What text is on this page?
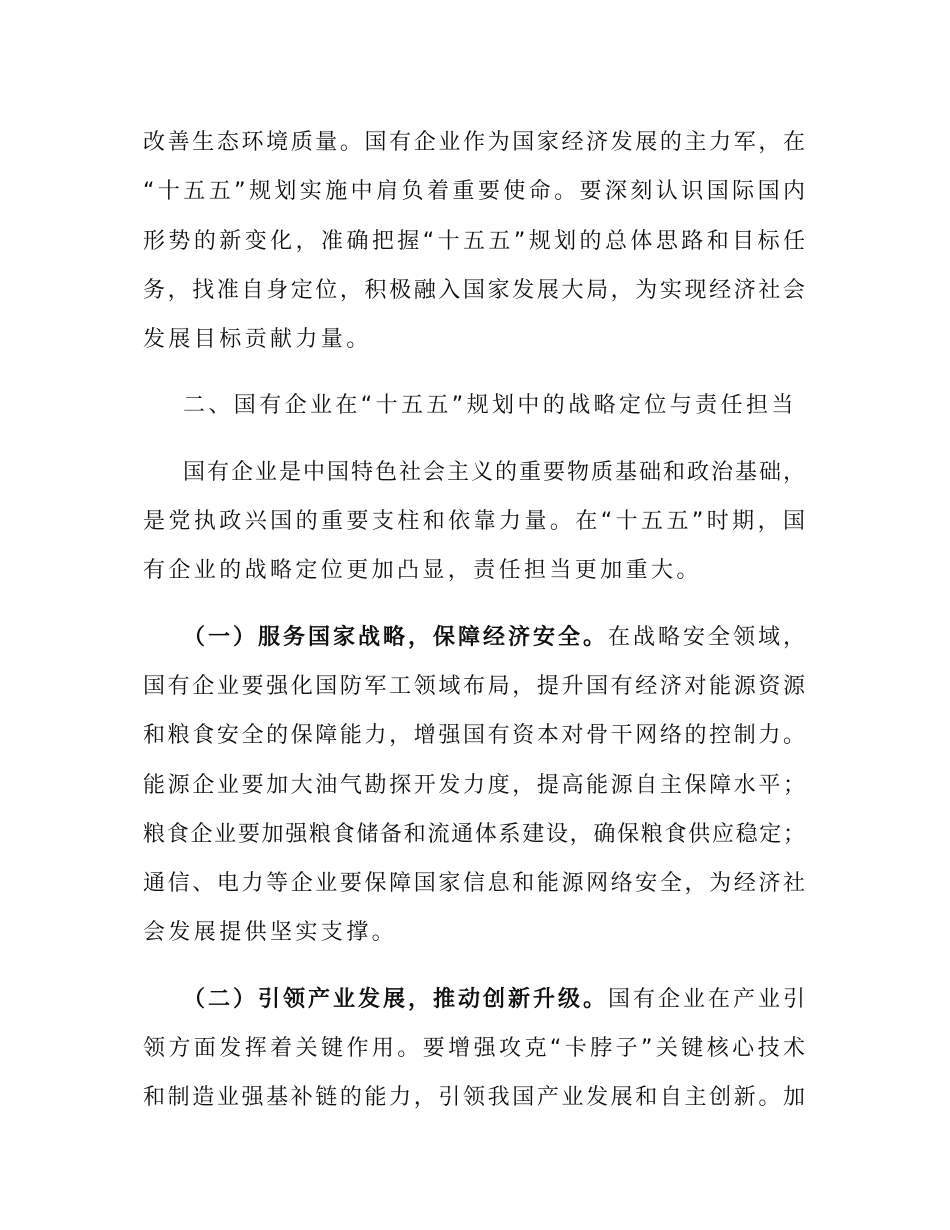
改善生态环境质量。国有企业作为国家经济发展的主力军，在
“十五五”规划实施中肩负着重要使命。要深刻认识国际国内
形势的新变化，准确把握“十五五”规划的总体思路和目标任
务，找准自身定位，积极融入国家发展大局，为实现经济社会
发展目标贡献力量。
二、国有企业在“十五五”规划中的战略定位与责任担当
国有企业是中国特色社会主义的重要物质基础和政治基础，
是党执政兴国的重要支柱和依靠力量。在“十五五”时期，国
有企业的战略定位更加凸显，责任担当更加重大。
（一）服务国家战略，保障经济安全。在战略安全领域，
国有企业要强化国防军工领域布局，提升国有经济对能源资源
和粮食安全的保障能力，增强国有资本对骨干网络的控制力。
能源企业要加大油气勘探开发力度，提高能源自主保障水平；
粮食企业要加强粮食储备和流通体系建设，确保粮食供应稳定；
通信、电力等企业要保障国家信息和能源网络安全，为经济社
会发展提供坚实支撑。
（二）引领产业发展，推动创新升级。国有企业在产业引
领方面发挥着关键作用。要增强攻克“卡脖子”关键核心技术
和制造业强基补链的能力，引领我国产业发展和自主创新。加
